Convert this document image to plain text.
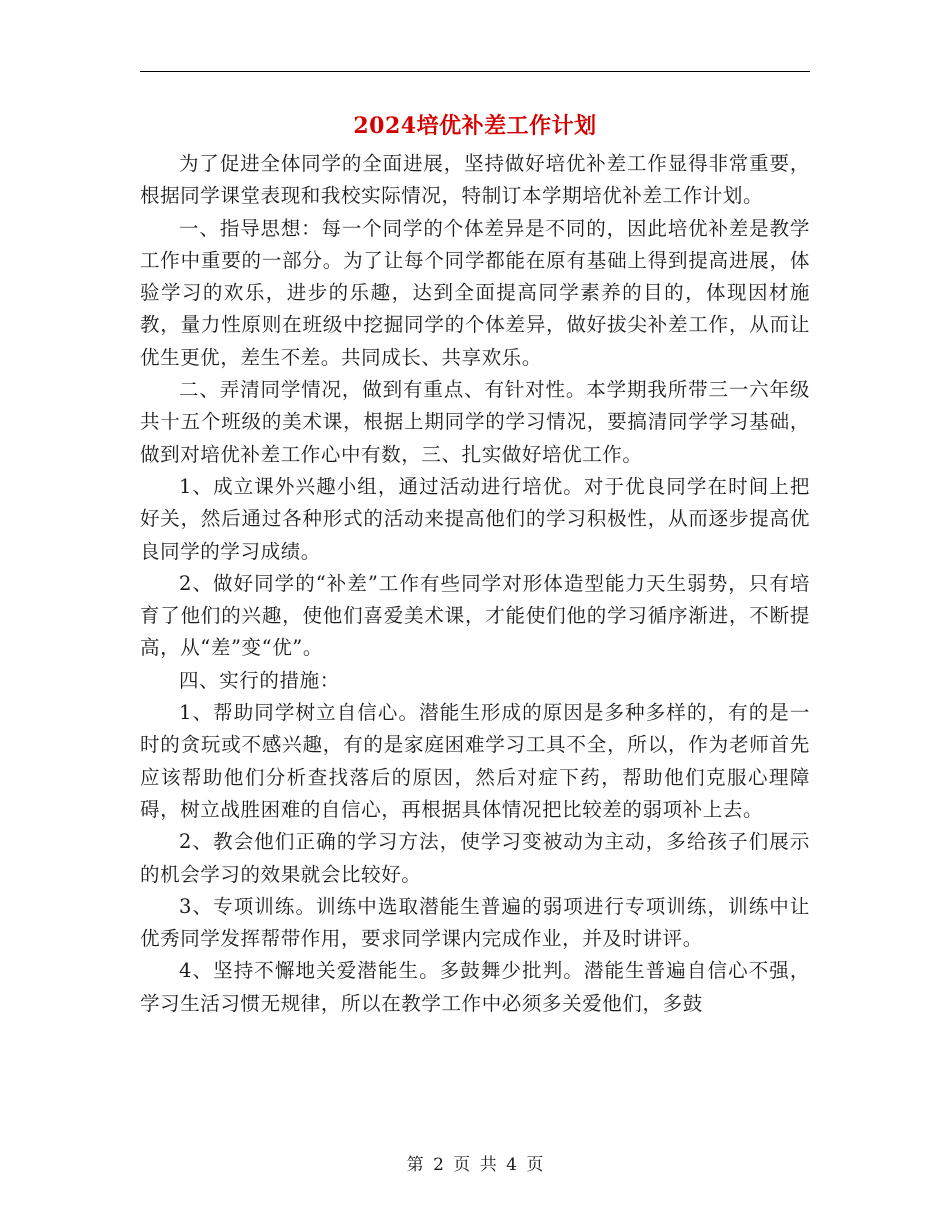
2024培优补差工作计划

为了促进全体同学的全面进展，坚持做好培优补差工作显得非常重要，根据同学课堂表现和我校实际情况，特制订本学期培优补差工作计划。

一、指导思想：每一个同学的个体差异是不同的，因此培优补差是教学工作中重要的一部分。为了让每个同学都能在原有基础上得到提高进展，体验学习的欢乐，进步的乐趣，达到全面提高同学素养的目的，体现因材施教，量力性原则在班级中挖掘同学的个体差异，做好拔尖补差工作，从而让优生更优，差生不差。共同成长、共享欢乐。

二、弄清同学情况，做到有重点、有针对性。本学期我所带三一六年级共十五个班级的美术课，根据上期同学的学习情况，要搞清同学学习基础，做到对培优补差工作心中有数，三、扎实做好培优工作。

1、成立课外兴趣小组，通过活动进行培优。对于优良同学在时间上把好关，然后通过各种形式的活动来提高他们的学习积极性，从而逐步提高优良同学的学习成绩。

2、做好同学的“补差”工作有些同学对形体造型能力天生弱势，只有培育了他们的兴趣，使他们喜爱美术课，才能使们他的学习循序渐进，不断提高，从“差”变“优”。

四、实行的措施：

1、帮助同学树立自信心。潜能生形成的原因是多种多样的，有的是一时的贪玩或不感兴趣，有的是家庭困难学习工具不全，所以，作为老师首先应该帮助他们分析查找落后的原因，然后对症下药，帮助他们克服心理障碍，树立战胜困难的自信心，再根据具体情况把比较差的弱项补上去。

2、教会他们正确的学习方法，使学习变被动为主动，多给孩子们展示的机会学习的效果就会比较好。

3、专项训练。训练中选取潜能生普遍的弱项进行专项训练，训练中让优秀同学发挥帮带作用，要求同学课内完成作业，并及时讲评。

4、坚持不懈地关爱潜能生。多鼓舞少批判。潜能生普遍自信心不强，学习生活习惯无规律，所以在教学工作中必须多关爱他们，多鼓

第 2 页 共 4 页
